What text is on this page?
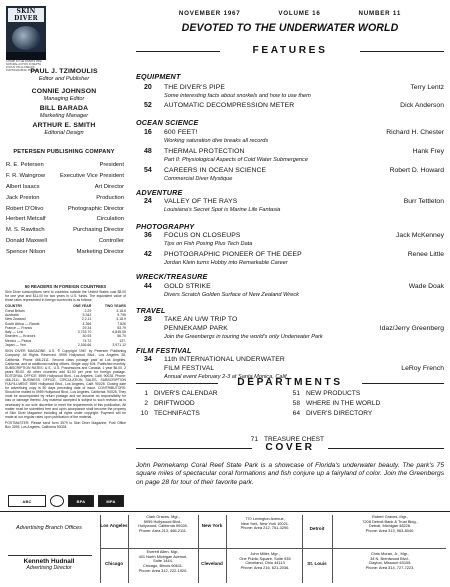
SKIN
DIVER
A PARK IN THE DIVER'S PIPE
NATURAL ACTION IN DEPTH
FOCUS ON CLOSEUPS
PHOTOGRAPHIC PIONEER
PAUL J. TZIMOULIS
Editor and Publisher
CONNIE JOHNSON
Managing Editor
BILL BARADA
Marketing Manager
ARTHUR E. SMITH
Editorial Design
PETERSEN PUBLISHING COMPANY
R. E. Petersen	President
F. R. Waingrow	Executive Vice President
Albert Isaacs	Art Director
Jack Preston	Production
Robert D'Olivo	Photographic Director
Herbert Metcalf	Circulation
M. S. Rawitsch	Purchasing Director
Donald Maxwell	Controller
Spencer Nilson	Marketing Director
50 READERS IN FOREIGN COUNTRIES
Skin Diver subscriptions sent to countries outside the United States cost $8.00 for one year and $11.00 for two years in U.S. funds. The equivalent value of those rates represented in foreign currencies is as follows:
COUNTRY	ONE YEAR	TWO YEARS
Great Britain	2.29	3.18.6
Australia	5.342	9.795
New Zealand	2.2.11	3.18.9
South Africa — Rands	4.266	7.826
France — Francs	29.34	53.79
Italy — Lira	3,733.70	6,845.05
Sweden — Kronors	30.93	56.70
Mexico — Pesos	74.72	137.
Japan — Yen	2,166.66	3,971.12
SKIN DIVER MAGAZINE, U.S. ® Copyright 1967 by Petersen Publishing Company. All Rights Reserved. 5959 Hollywood Blvd., Los Angeles 28, California. Phone 466-2111. Second class postage paid at Los Angeles, California, and at additional mailing offices. Single copy 60¢. Published monthly. SUBSCRIPTION RATES: U.S., U.S. Possessions and Canada, 1 year $6.00, 2 years $9.00. All other countries add $1.00 per year for foreign postage. EDITORIAL OFFICE: 5959 Hollywood Blvd., Los Angeles, Calif. 90028. Phone: 466-2111. BUSINESS OFFICE, CIRCULATION SALES, SUBSCRIPTION FULFILLMENT: 5959 Hollywood Blvd., Los Angeles, Calif. 90028. Closing date for advertising copy is 50 days preceding date of issue. CONTRIBUTORS: Should be mailed to 5959 Hollywood Blvd., Los Angeles, California, 90028. They must be accompanied by return postage and we assume no responsibility for loss or damage thereto. Any material accepted is subject to such revision as is necessary in our sole discretion to meet the requirements of this publication. All matter must be submitted free and upon acceptance shall become the property of Skin Diver Magazine including all rights under copyright. Payment will be made at our regular rates upon publication of the material.
POSTMASTER: Please send form 3579 to Skin Diver Magazine, Post Office Box 3295, Los Angeles, California 90028.
ABC	BPA	MPA
NOVEMBER 1967	VOLUME 16	NUMBER 11
DEVOTED TO THE UNDERWATER WORLD
FEATURES
EQUIPMENT
20	THE DIVER'S PIPE	Terry Lentz
Some interesting facts about snorkels and how to use them
52	AUTOMATIC DECOMPRESSION METER	Dick Anderson
OCEAN SCIENCE
16	600 FEET!	Richard H. Chester
Working saturation dive breaks all records
48	THERMAL PROTECTION	Hank Frey
Part II: Physiological Aspects of Cold Water Submergence
54	CAREERS IN OCEAN SCIENCE	Robert D. Howard
Commercial Diver Mystique
ADVENTURE
24	VALLEY OF THE RAYS	Burr Tettleton
Louisiana's Secret Spot is Marine Life Fantasia
PHOTOGRAPHY
36	FOCUS ON CLOSEUPS	Jack McKenney
Tips on Fish Posing Plus Tech Data
42	PHOTOGRAPHIC PIONEER OF THE DEEP	Renee Little
Jordan Klein turns Hobby into Remarkable Career
WRECK/TREASURE
44	GOLD STRIKE	Wade Doak
Divers Scratch Golden Surface of New Zealand Wreck
TRAVEL
28	TAKE AN U/W TRIP TO
PENNEKAMP PARK	Idaz/Jerry Greenberg
Join the Greenbergs in touring the world's only Underwater Park
FILM FESTIVAL
34	11th INTERNATIONAL UNDERWATER
FILM FESTIVAL	LeRoy French
Annual event February 2-3 at Santa Monica, Calif.
DEPARTMENTS
1 DIVER'S CALENDAR
2 DRIFTWOOD
10 TECHNIFACTS
51 NEW PRODUCTS
58 WHERE IN THE WORLD
64 DIVER'S DIRECTORY
COVER
71 TREASURE CHEST
John Pennekamp Coral Reef State Park is a showcase of Florida's underwater beauty. The park's 75 square miles of spectacular coral formations and fish conjure up a fairyland of color. Join the Greenbergs on page 28 for tour of their favorite park.
Advertising Branch Offices
Kenneth Hudnall
Advertising Director
Los Angeles
Clark Graves, Mgr.,
5959 Hollywood Blvd.,
Hollywood, California 90028.
Phone: Area 213, 466-2111.
New York
770 Lexington Avenue,
New York, New York 10021.
Phone: Area 212, 751-3290.	Detroit
Robert Graves, Mgr.,
7208 Detroit Bank & Trust Bldg.,
Detroit, Michigan 48226.
Phone: Area 313, 963-8040.
Chicago
Everett Allen, Mgr.,
401 North Michigan Avenue,
Suite 1444,
Chicago, Illinois 60611.
Phone: Area 312, 222-1920.
Cleveland
John Miller, Mgr.,
One Public Square, Suite 935
Cleveland, Ohio 44113
Phone: Area 216, 621-2036.
St. Louis
Chris Moran, Jr., Mgr.,
34 N. Brentwood Blvd.,
Clayton, Missouri 63105.
Phone: Area 314, 727-7223.
